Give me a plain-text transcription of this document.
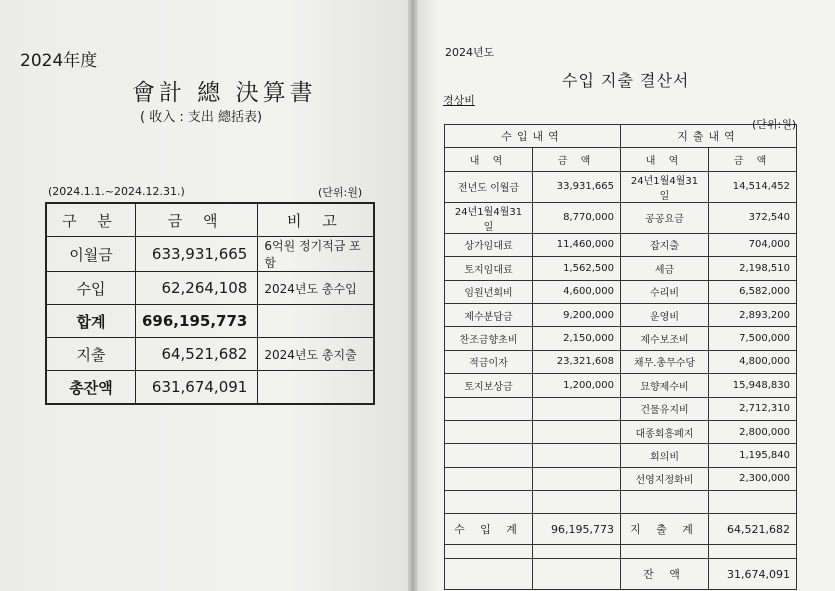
2024年度
會計 總 決算書
( 收入 : 支出 總括表)
(2024.1.1.~2024.12.31.)	(단위:원)
구 분	금 액	비 고
이월금	633,931,665	6억원 정기적금 포함
수입	62,264,108	2024년도 총수입
합계	696,195,773	
지출	64,521,682	2024년도 총지출
총잔액	631,674,091	
2024년도
수입 지출 결산서
경상비
(단위:원)
수입내역		지출내역	
내 역	금 액	내 역	금 액
전년도 이월금	33,931,665	24년1월4월31일	14,514,452
24년1월4월31일	8,770,000	공공요금	372,540
상가임대료	11,460,000	잡지출	704,000
토지임대료	1,562,500	세금	2,198,510
임원년회비	4,600,000	수리비	6,582,000
제수분담금	9,200,000	운영비	2,893,200
찬조금향초비	2,150,000	제수보조비	7,500,000
적금이자	23,321,608	채무.총무수당	4,800,000
토지보상금	1,200,000	묘향제수비	15,948,830
		건물유지비	2,712,310
		대종회흥폐지	2,800,000
		회의비	1,195,840
		선영지정화비	2,300,000

수 입 계	96,195,773	지 출 계	64,521,682

		잔 액	31,674,091
